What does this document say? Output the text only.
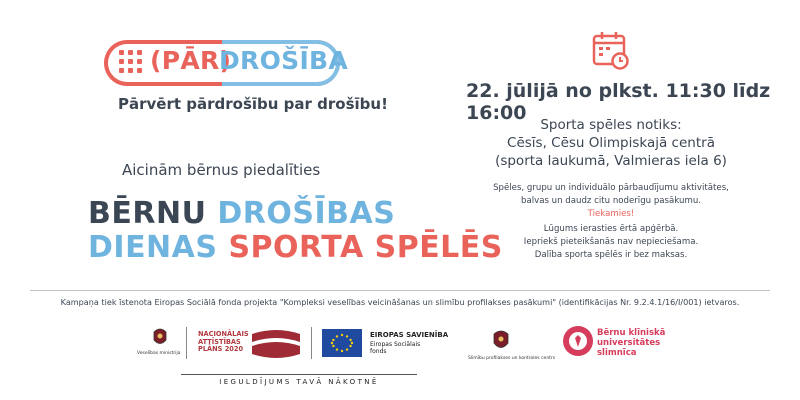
(PĀR)
DROŠĪBA
Pārvērt pārdrošību par drošību!
Aicinām bērnus piedalīties
BĒRNU DROŠĪBAS
DIENAS SPORTA SPĒLĒS
22. jūlijā no plkst. 11:30 līdz 16:00
Sporta spēles notiks:
Cēsīs, Cēsu Olimpiskajā centrā
(sporta laukumā, Valmieras iela 6)
Spēles, grupu un individuālo pārbaudījumu aktivitātes,
balvas un daudz citu noderīgu pasākumu.
Tiekamies!
Lūgums ierasties ērtā apģērbā.
Iepriekš pieteikšanās nav nepieciešama.
Dalība sporta spēlēs ir bez maksas.
Kampaņa tiek īstenota Eiropas Sociālā fonda projekta "Kompleksi veselības veicināšanas un slimību profilakses pasākumi" (identifikācijas Nr. 9.2.4.1/16/I/001) ietvaros.
Veselības ministrija
NACIONĀLAIS
ATTĪSTĪBAS
PLĀNS 2020
EIROPAS SAVIENĪBA
Eiropas Sociālais
fonds
IEGULDĪJUMS TAVĀ NĀKOTNĒ
Slimību profilakses un kontroles centrs
Bērnu klīniskā
universitātes
slimnīca
